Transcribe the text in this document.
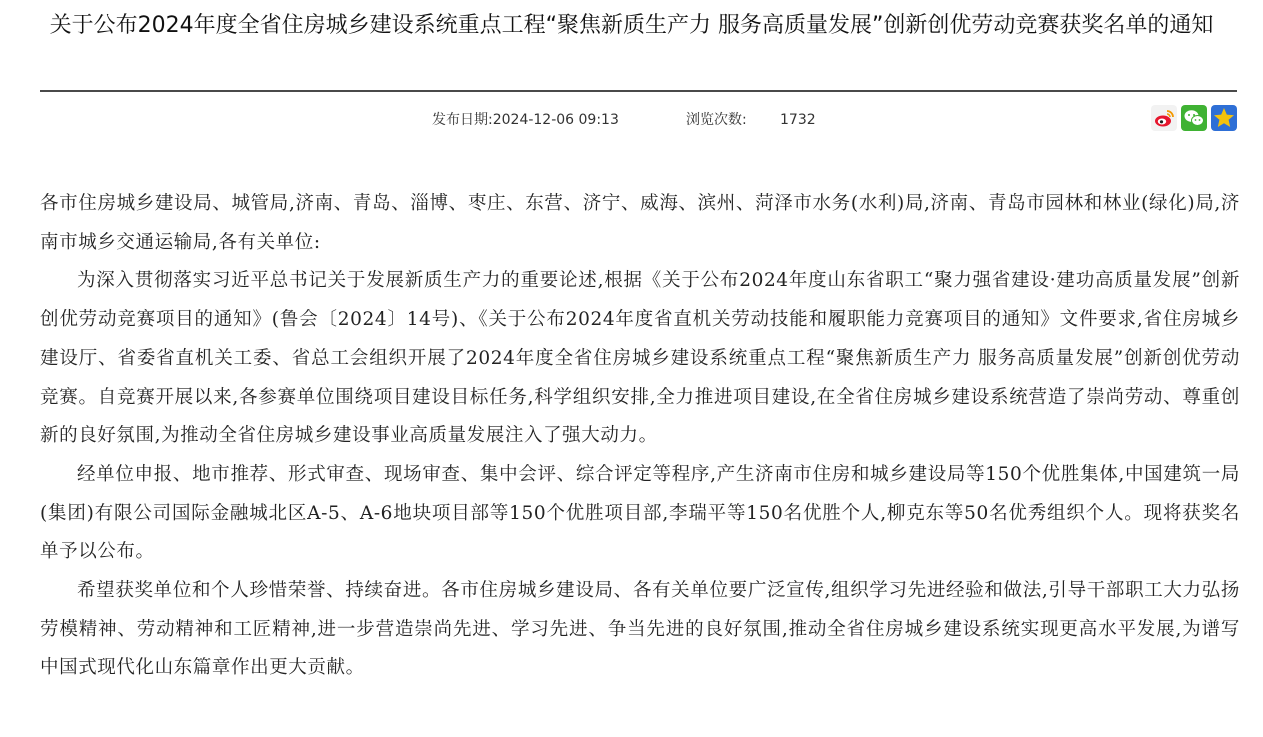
关于公布2024年度全省住房城乡建设系统重点工程“聚焦新质生产力 服务高质量发展”创新创优劳动竞赛获奖名单的通知
发布日期:2024-12-06 09:13	浏览次数: 1732

各市住房城乡建设局、城管局,济南、青岛、淄博、枣庄、东营、济宁、威海、滨州、菏泽市水务(水利)局,济南、青岛市园林和林业(绿化)局,济南市城乡交通运输局,各有关单位:

为深入贯彻落实习近平总书记关于发展新质生产力的重要论述,根据《关于公布2024年度山东省职工“聚力强省建设·建功高质量发展”创新创优劳动竞赛项目的通知》(鲁会〔2024〕14号)、《关于公布2024年度省直机关劳动技能和履职能力竞赛项目的通知》文件要求,省住房城乡建设厅、省委省直机关工委、省总工会组织开展了2024年度全省住房城乡建设系统重点工程“聚焦新质生产力 服务高质量发展”创新创优劳动竞赛。自竞赛开展以来,各参赛单位围绕项目建设目标任务,科学组织安排,全力推进项目建设,在全省住房城乡建设系统营造了崇尚劳动、尊重创新的良好氛围,为推动全省住房城乡建设事业高质量发展注入了强大动力。

经单位申报、地市推荐、形式审查、现场审查、集中会评、综合评定等程序,产生济南市住房和城乡建设局等150个优胜集体,中国建筑一局(集团)有限公司国际金融城北区A-5、A-6地块项目部等150个优胜项目部,李瑞平等150名优胜个人,柳克东等50名优秀组织个人。现将获奖名单予以公布。

希望获奖单位和个人珍惜荣誉、持续奋进。各市住房城乡建设局、各有关单位要广泛宣传,组织学习先进经验和做法,引导干部职工大力弘扬劳模精神、劳动精神和工匠精神,进一步营造崇尚先进、学习先进、争当先进的良好氛围,推动全省住房城乡建设系统实现更高水平发展,为谱写中国式现代化山东篇章作出更大贡献。
